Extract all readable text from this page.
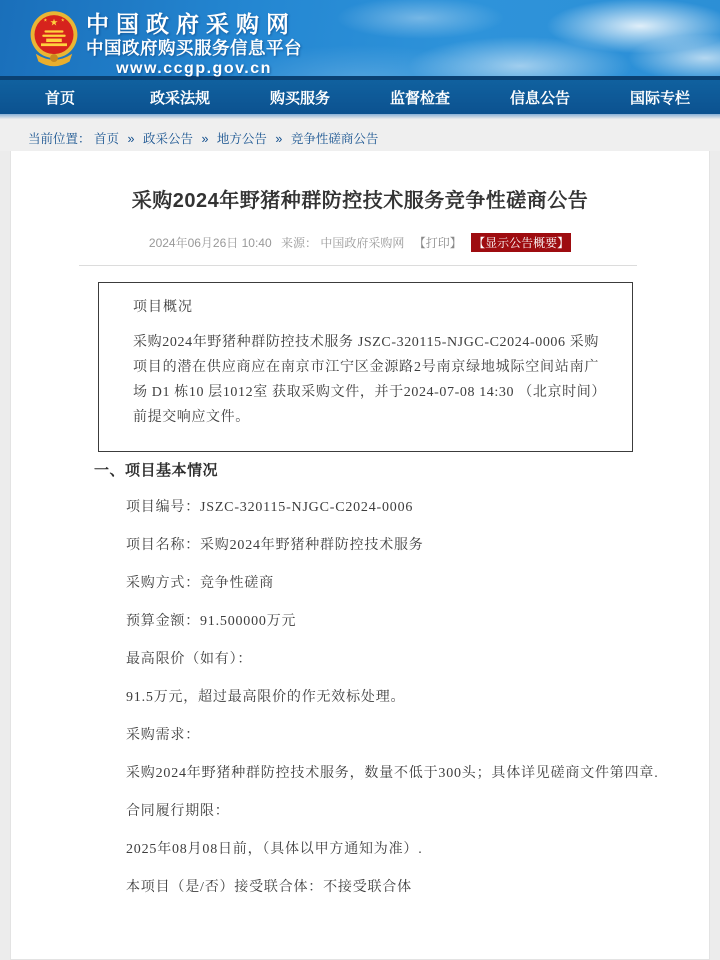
★
★	★ 中国政府采购网
中国政府购买服务信息平台
www.ccgp.gov.cn
首页	政采法规	购买服务	监督检查	信息公告	国际专栏
当前位置： 首页 » 政采公告 » 地方公告 » 竞争性磋商公告
采购2024年野猪种群防控技术服务竞争性磋商公告
2024年06月26日 10:40 来源： 中国政府采购网 【打印】 【显示公告概要】
项目概况

采购2024年野猪种群防控技术服务 JSZC-320115-NJGC-C2024-0006 采购项目的潜在供应商应在南京市江宁区金源路2号南京绿地城际空间站南广场 D1 栋10 层1012室 获取采购文件，并于2024-07-08 14:30 （北京时间）前提交响应文件。

一、项目基本情况

项目编号：JSZC-320115-NJGC-C2024-0006

项目名称：采购2024年野猪种群防控技术服务

采购方式：竞争性磋商

预算金额：91.500000万元

最高限价（如有）：

91.5万元，超过最高限价的作无效标处理。

采购需求：

采购2024年野猪种群防控技术服务，数量不低于300头；具体详见磋商文件第四章.

合同履行期限：

2025年08月08日前，（具体以甲方通知为准）.

本项目（是/否）接受联合体：不接受联合体
